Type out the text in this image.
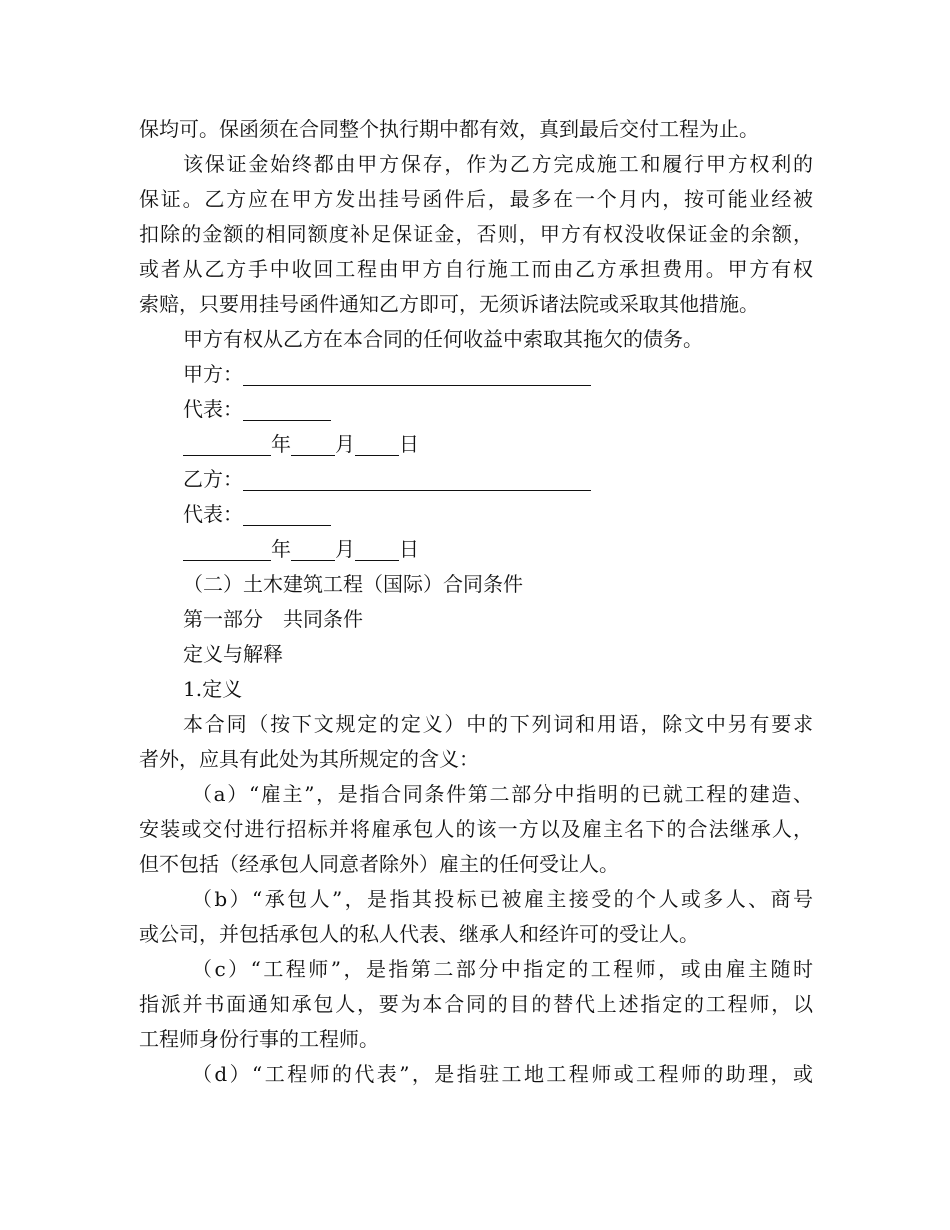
保均可。保函须在合同整个执行期中都有效，真到最后交付工程为止。
该保证金始终都由甲方保存，作为乙方完成施工和履行甲方权利的
保证。乙方应在甲方发出挂号函件后，最多在一个月内，按可能业经被
扣除的金额的相同额度补足保证金，否则，甲方有权没收保证金的余额，
或者从乙方手中收回工程由甲方自行施工而由乙方承担费用。甲方有权
索赔，只要用挂号函件通知乙方即可，无须诉诸法院或采取其他措施。
甲方有权从乙方在本合同的任何收益中索取其拖欠的债务。
甲方：
代表：
年 月 日
乙方：
代表：
年 月 日
（二）土木建筑工程（国际）合同条件
第一部分　共同条件
定义与解释
1.定义
本合同（按下文规定的定义）中的下列词和用语，除文中另有要求
者外，应具有此处为其所规定的含义：
（a）“雇主”，是指合同条件第二部分中指明的已就工程的建造、
安装或交付进行招标并将雇承包人的该一方以及雇主名下的合法继承人，
但不包括（经承包人同意者除外）雇主的任何受让人。
（b）“承包人”，是指其投标已被雇主接受的个人或多人、商号
或公司，并包括承包人的私人代表、继承人和经许可的受让人。
（c）“工程师”，是指第二部分中指定的工程师，或由雇主随时
指派并书面通知承包人，要为本合同的目的替代上述指定的工程师，以
工程师身份行事的工程师。
（d）“工程师的代表”，是指驻工地工程师或工程师的助理，或
